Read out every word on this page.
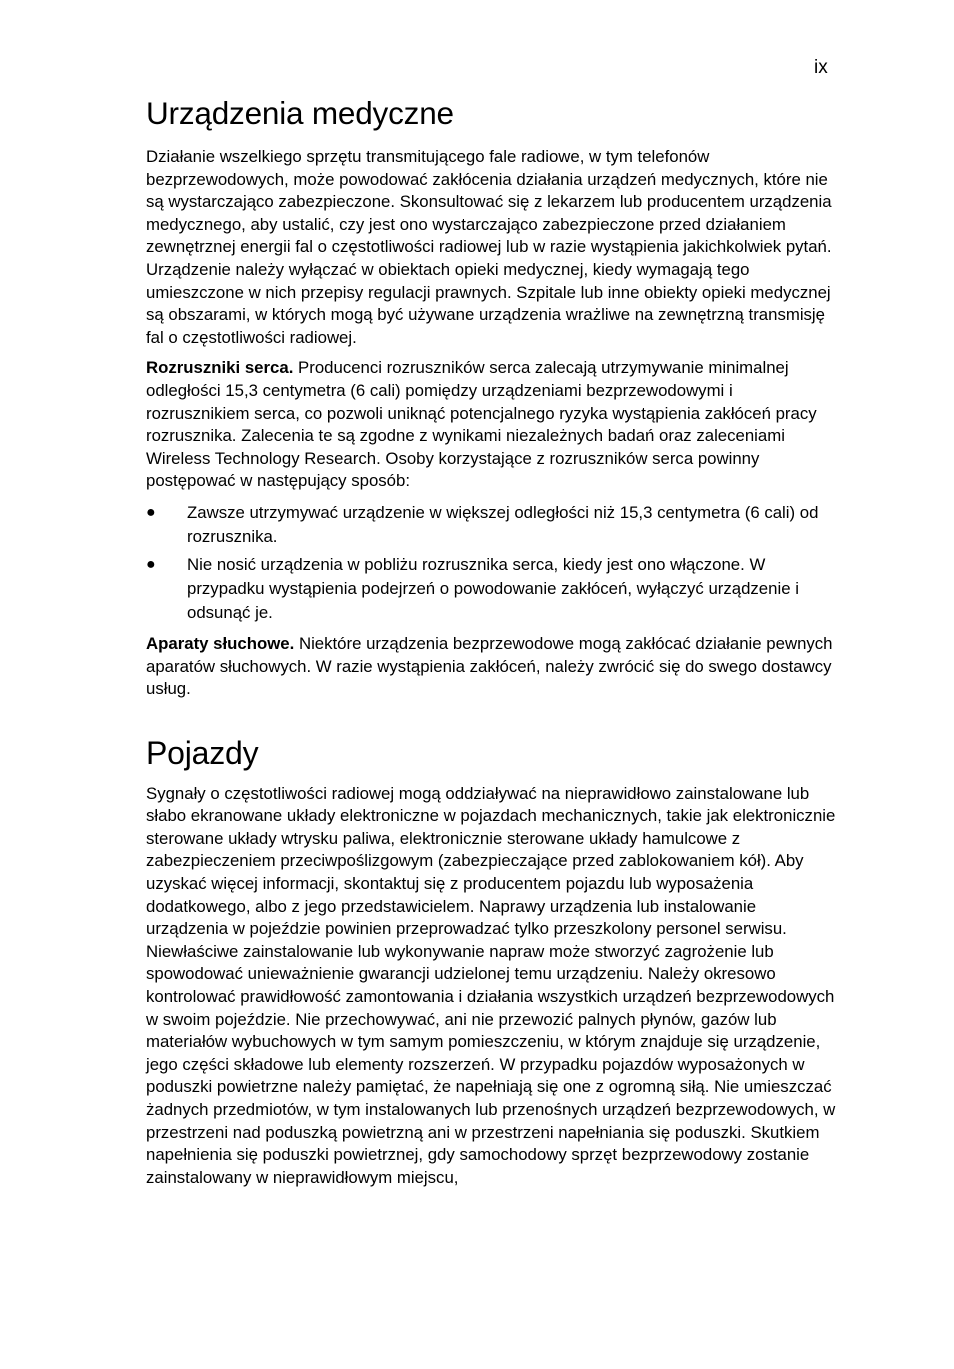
ix
Urządzenia medyczne

Działanie wszelkiego sprzętu transmitującego fale radiowe, w tym telefonów bezprzewodowych, może powodować zakłócenia działania urządzeń medycznych, które nie są wystarczająco zabezpieczone. Skonsultować się z lekarzem lub producentem urządzenia medycznego, aby ustalić, czy jest ono wystarczająco zabezpieczone przed działaniem zewnętrznej energii fal o częstotliwości radiowej lub w razie wystąpienia jakichkolwiek pytań. Urządzenie należy wyłączać w obiektach opieki medycznej, kiedy wymagają tego umieszczone w nich przepisy regulacji prawnych. Szpitale lub inne obiekty opieki medycznej są obszarami, w których mogą być używane urządzenia wrażliwe na zewnętrzną transmisję fal o częstotliwości radiowej.

Rozruszniki serca. Producenci rozruszników serca zalecają utrzymywanie minimalnej odległości 15,3 centymetra (6 cali) pomiędzy urządzeniami bezprzewodowymi i rozrusznikiem serca, co pozwoli uniknąć potencjalnego ryzyka wystąpienia zakłóceń pracy rozrusznika. Zalecenia te są zgodne z wynikami niezależnych badań oraz zaleceniami Wireless Technology Research. Osoby korzystające z rozruszników serca powinny postępować w następujący sposób:

● Zawsze utrzymywać urządzenie w większej odległości niż 15,3 centymetra (6 cali) od rozrusznika.
● Nie nosić urządzenia w pobliżu rozrusznika serca, kiedy jest ono włączone. W przypadku wystąpienia podejrzeń o powodowanie zakłóceń, wyłączyć urządzenie i odsunąć je.

Aparaty słuchowe. Niektóre urządzenia bezprzewodowe mogą zakłócać działanie pewnych aparatów słuchowych. W razie wystąpienia zakłóceń, należy zwrócić się do swego dostawcy usług.

Pojazdy

Sygnały o częstotliwości radiowej mogą oddziaływać na nieprawidłowo zainstalowane lub słabo ekranowane układy elektroniczne w pojazdach mechanicznych, takie jak elektronicznie sterowane układy wtrysku paliwa, elektronicznie sterowane układy hamulcowe z zabezpieczeniem przeciwpoślizgowym (zabezpieczające przed zablokowaniem kół). Aby uzyskać więcej informacji, skontaktuj się z producentem pojazdu lub wyposażenia dodatkowego, albo z jego przedstawicielem. Naprawy urządzenia lub instalowanie urządzenia w pojeździe powinien przeprowadzać tylko przeszkolony personel serwisu. Niewłaściwe zainstalowanie lub wykonywanie napraw może stworzyć zagrożenie lub spowodować unieważnienie gwarancji udzielonej temu urządzeniu. Należy okresowo kontrolować prawidłowość zamontowania i działania wszystkich urządzeń bezprzewodowych w swoim pojeździe. Nie przechowywać, ani nie przewozić palnych płynów, gazów lub materiałów wybuchowych w tym samym pomieszczeniu, w którym znajduje się urządzenie, jego części składowe lub elementy rozszerzeń. W przypadku pojazdów wyposażonych w poduszki powietrzne należy pamiętać, że napełniają się one z ogromną siłą. Nie umieszczać żadnych przedmiotów, w tym instalowanych lub przenośnych urządzeń bezprzewodowych, w przestrzeni nad poduszką powietrzną ani w przestrzeni napełniania się poduszki. Skutkiem napełnienia się poduszki powietrznej, gdy samochodowy sprzęt bezprzewodowy zostanie zainstalowany w nieprawidłowym miejscu,
